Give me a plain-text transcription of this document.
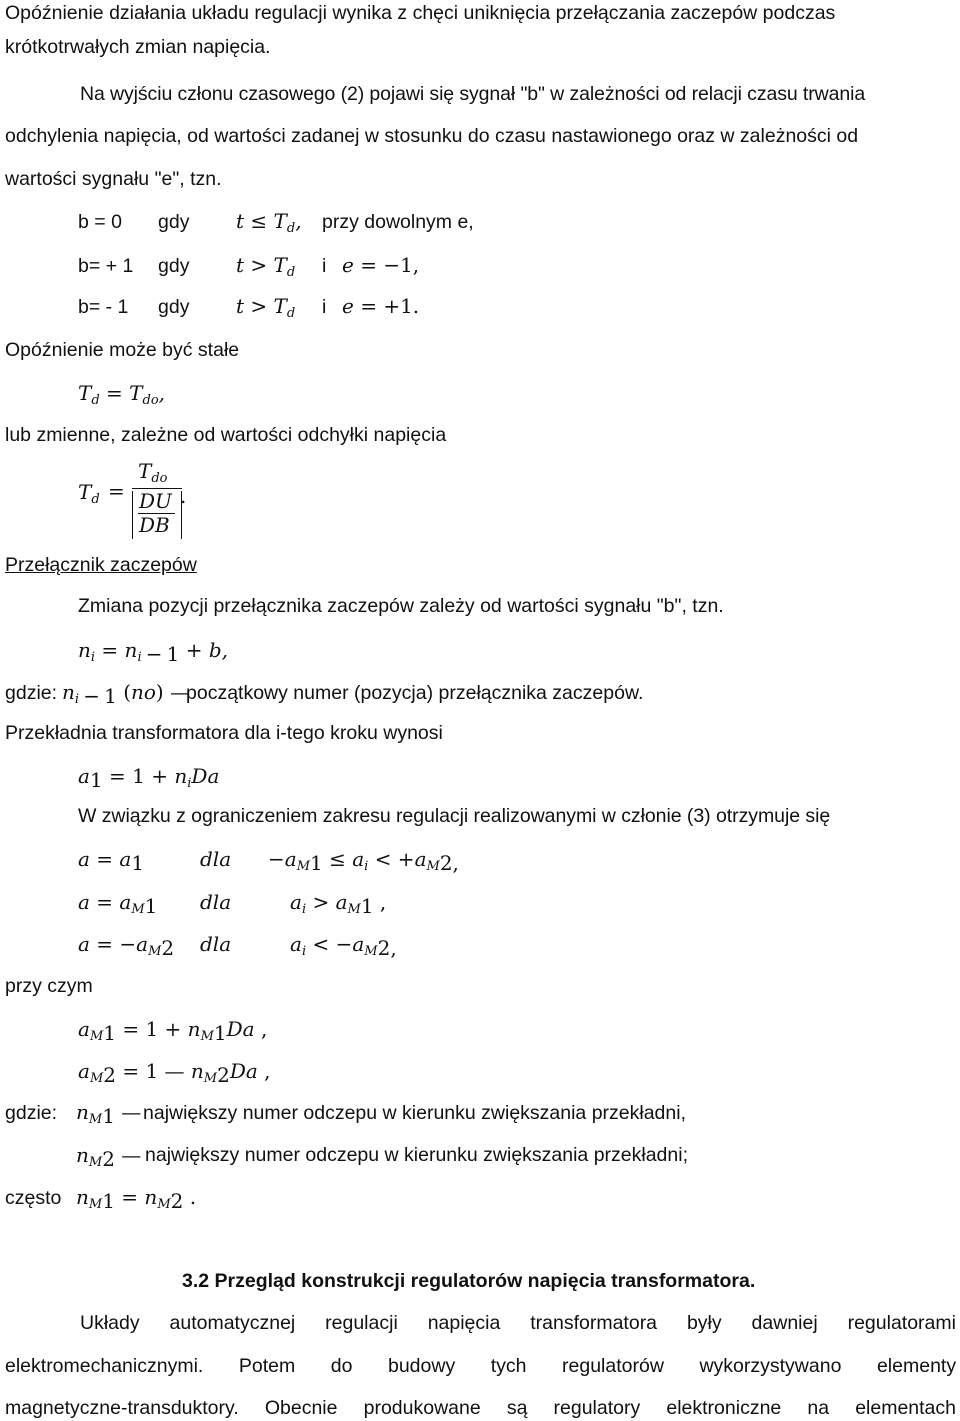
Opóźnienie działania układu regulacji wynika z chęci uniknięcia przełączania zaczepów podczas
krótkotrwałych zmian napięcia.
Na wyjściu członu czasowego (2) pojawi się sygnał "b" w zależności od relacji czasu trwania
odchylenia napięcia, od wartości zadanej w stosunku do czasu nastawionego oraz w zależności od
wartości sygnału "e", tzn.
b = 0 gdy $t \le T_d$, przy dowolnym e,
b= + 1 gdy $t > T_d$ i e = −1,
b= - 1 gdy $t > T_d$ i e = +1.
Opóźnienie może być stałe
$T_d = T_{do}$,
lub zmienne, zależne od wartości odchyłki napięcia
$T_d$ =
$T_{do}$
DU
DB
.
Przełącznik zaczepów
Zmiana pozycji przełącznika zaczepów zależy od wartości sygnału "b", tzn.
$n_i = n_{i - 1} + b$,
gdzie: $n_{i - 1}$ (no) —
początkowy numer (pozycja) przełącznika zaczepów.
Przekładnia transformatora dla i-tego kroku wynosi
$a_1 = 1 + n_iDa$
W związku z ograniczeniem zakresu regulacji realizowanymi w członie (3) otrzymuje się
$a = a_1$	dla $-a_{M1} \le a_i < +a_{M2,}$
$a = a_{M1}$ dla	$a_i > a_{M1}$ ,
$a = -a_{M2}$ dla	$a_i < -a_{M2,}$
przy czym
$a_{M1} = 1 + n_{M1}Da$ ,
$a_{M2} = 1$ — $n_{M2}Da$ ,
gdzie: $n_{M1}$ — największy numer odczepu w kierunku zwiększania przekładni,
$n_{M2}$ — największy numer odczepu w kierunku zwiększania przekładni;
często $n_{M1} = n_{M2}$ .
3.2 Przegląd konstrukcji regulatorów napięcia transformatora.
Układy automatycznej regulacji napięcia transformatora były dawniej regulatorami
elektromechanicznymi. Potem do budowy tych regulatorów wykorzystywano elementy
magnetyczne-transduktory. Obecnie produkowane są regulatory elektroniczne na elementach
